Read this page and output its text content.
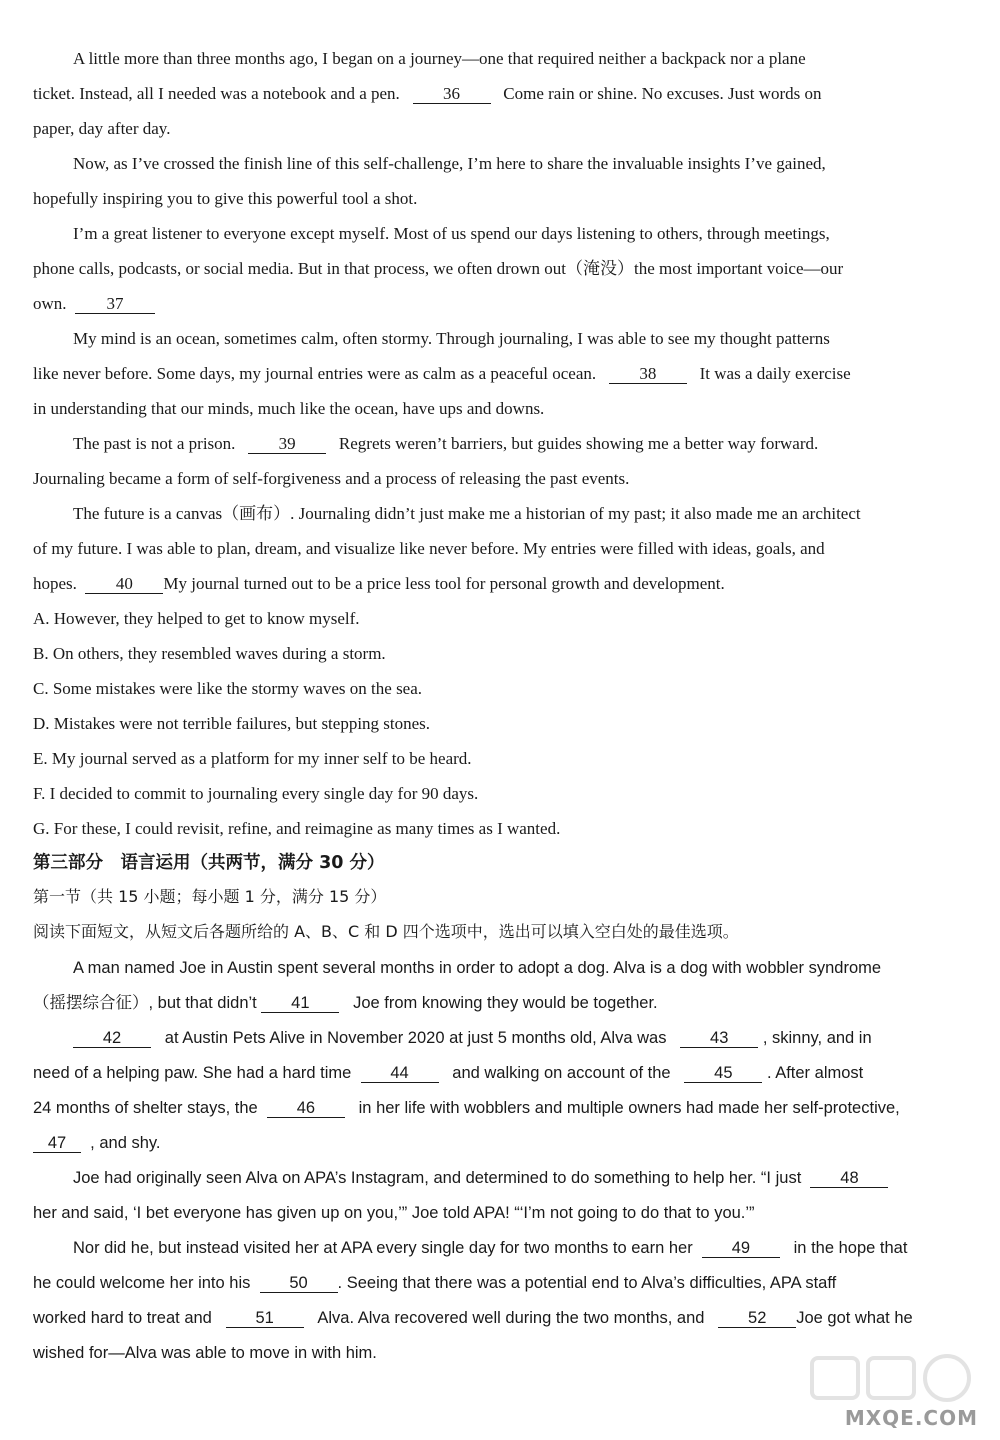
A little more than three months ago, I began on a journey—one that required neither a backpack nor a plane
ticket. Instead, all I needed was a notebook and a pen.	36	Come rain or shine. No excuses. Just words on
paper, day after day.
Now, as I’ve crossed the finish line of this self-challenge, I’m here to share the invaluable insights I’ve gained,
hopefully inspiring you to give this powerful tool a shot.
I’m a great listener to everyone except myself. Most of us spend our days listening to others, through meetings,
phone calls, podcasts, or social media. But in that process, we often drown out（淹没）the most important voice—our
own. 37
My mind is an ocean, sometimes calm, often stormy. Through journaling, I was able to see my thought patterns
like never before. Some days, my journal entries were as calm as a peaceful ocean.	38	It was a daily exercise
in understanding that our minds, much like the ocean, have ups and downs.
The past is not a prison.	39	Regrets weren’t barriers, but guides showing me a better way forward.
Journaling became a form of self-forgiveness and a process of releasing the past events.
The future is a canvas（画布）. Journaling didn’t just make me a historian of my past; it also made me an architect
of my future. I was able to plan, dream, and visualize like never before. My entries were filled with ideas, goals, and
hopes. 40 My journal turned out to be a price less tool for personal growth and development.
A. However, they helped to get to know myself.
B. On others, they resembled waves during a storm.
C. Some mistakes were like the stormy waves on the sea.
D. Mistakes were not terrible failures, but stepping stones.
E. My journal served as a platform for my inner self to be heard.
F. I decided to commit to journaling every single day for 90 days.
G. For these, I could revisit, refine, and reimagine as many times as I wanted.
第三部分　语言运用（共两节，满分 30 分）
第一节（共 15 小题；每小题 1 分，满分 15 分）
阅读下面短文，从短文后各题所给的 A、B、C 和 D 四个选项中，选出可以填入空白处的最佳选项。
A man named Joe in Austin spent several months in order to adopt a dog. Alva is a dog with wobbler syndrome
（摇摆综合征）, but that didn’t 41	Joe from knowing they would be together.
42	at Austin Pets Alive in November 2020 at just 5 months old, Alva was	43 , skinny, and in
need of a helping paw. She had a hard time 44	and walking on account of the	45 . After almost
24 months of shelter stays, the 46	in her life with wobblers and multiple owners had made her self-protective,
47 , and shy.
Joe had originally seen Alva on APA’s Instagram, and determined to do something to help her. “I just 48
her and said, ‘I bet everyone has given up on you,’” Joe told APA! “‘I’m not going to do that to you.’”
Nor did he, but instead visited her at APA every single day for two months to earn her 49	in the hope that
he could welcome her into his 50 . Seeing that there was a potential end to Alva’s difficulties, APA staff
worked hard to treat and	51	Alva. Alva recovered well during the two months, and	52 Joe got what he
wished for—Alva was able to move in with him.
MXQE.COM
